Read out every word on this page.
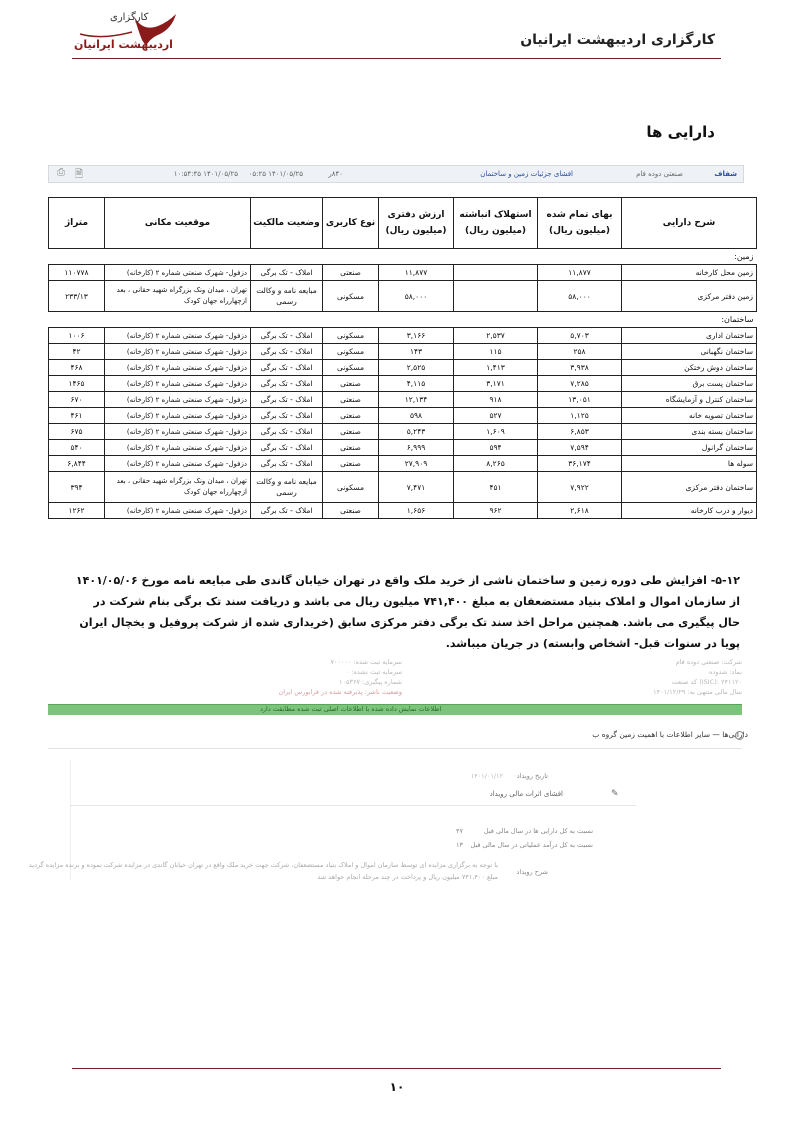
کارگزاری
اردیبهشت ایرانیان	کارگزاری اردیبهشت ایرانیان
دارایی ها
شفاف
صنعتی دوده فام
افشای جزئیات زمین و ساختمان
۸۴۰ر
۱۴۰۱/۰۵/۲۵ ۰۵:۲۵
۱۴۰۱/۰۵/۲۵ ۱۰:۵۴:۴۵
🗎
⎙
شرح دارایی	بهای تمام شده (میلیون ریال)	استهلاک انباشته (میلیون ریال)	ارزش دفتری (میلیون ریال)	نوع کاربری	وضعیت مالکیت	موقعیت مکانی	متراژ
زمین:							
زمین محل کارخانه	۱۱,۸۷۷		۱۱,۸۷۷	صنعتی	املاک - تک برگی	دزفول- شهرک صنعتی شماره ۲ (کارخانه)	۱۱۰۷۷۸
زمین دفتر مرکزی	۵۸,۰۰۰		۵۸,۰۰۰	مسکونی	مبایعه نامه و وکالت رسمی	تهران ، میدان ونک بزرگراه شهید حقانی ، بعد ازچهارراه جهان کودک	۲۳۳/۱۳
ساختمان:							
ساختمان اداری	۵,۷۰۳	۲,۵۳۷	۳,۱۶۶	مسکونی	املاک - تک برگی	دزفول- شهرک صنعتی شماره ۲ (کارخانه)	۱۰۰۶
ساختمان نگهبانی	۲۵۸	۱۱۵	۱۴۳	مسکونی	املاک - تک برگی	دزفول- شهرک صنعتی شماره ۲ (کارخانه)	۴۲
ساختمان دوش رختکن	۳,۹۳۸	۱,۴۱۳	۲,۵۲۵	مسکونی	املاک - تک برگی	دزفول- شهرک صنعتی شماره ۲ (کارخانه)	۴۶۸
ساختمان پست برق	۷,۲۸۵	۳,۱۷۱	۴,۱۱۵	صنعتی	املاک - تک برگی	دزفول- شهرک صنعتی شماره ۲ (کارخانه)	۱۴۶۵
ساختمان کنترل و آزمایشگاه	۱۳,۰۵۱	۹۱۸	۱۲,۱۳۴	صنعتی	املاک - تک برگی	دزفول- شهرک صنعتی شماره ۲ (کارخانه)	۶۷۰
ساختمان تصویه خانه	۱,۱۲۵	۵۲۷	۵۹۸	صنعتی	املاک - تک برگی	دزفول- شهرک صنعتی شماره ۲ (کارخانه)	۴۶۱
ساختمان بسته بندی	۶,۸۵۳	۱,۶۰۹	۵,۲۴۳	صنعتی	املاک - تک برگی	دزفول- شهرک صنعتی شماره ۲ (کارخانه)	۶۷۵
ساختمان گرانول	۷,۵۹۴	۵۹۴	۶,۹۹۹	صنعتی	املاک - تک برگی	دزفول- شهرک صنعتی شماره ۲ (کارخانه)	۵۴۰
سوله ها	۳۶,۱۷۴	۸,۲۶۵	۲۷,۹۰۹	صنعتی	املاک - تک برگی	دزفول- شهرک صنعتی شماره ۲ (کارخانه)	۶,۸۴۴
ساختمان دفتر مرکزی	۷,۹۲۲	۴۵۱	۷,۴۷۱	مسکونی	مبایعه نامه و وکالت رسمی	تهران ، میدان ونک بزرگراه شهید حقانی ، بعد ازچهارراه جهان کودک	۳۹۴
دیوار و درب کارخانه	۲,۶۱۸	۹۶۲	۱,۶۵۶	صنعتی	املاک - تک برگی	دزفول- شهرک صنعتی شماره ۲ (کارخانه)	۱۲۶۲
۵-۱۲- افزایش طی دوره زمین و ساختمان ناشی از خرید ملک واقع در تهران خیابان گاندی طی مبایعه نامه مورخ ۱۴۰۱/۰۵/۰۶ از سازمان اموال و املاک بنیاد مستضعفان به مبلغ ۷۴۱,۴۰۰ میلیون ریال می باشد و دریافت سند تک برگی بنام شرکت در حال پیگیری می باشد. همچنین مراحل اخذ سند تک برگی دفتر مرکزی سابق (خریداری شده از شرکت پروفیل و یخچال ایران پویا در سنوات قبل- اشخاص وابسته) در جریان میباشد.
شرکت: صنعتی دوده فام
نماد: شدوده
کد صنعت (ISIC): ۲۴۱۱۲۰
سال مالی منتهی به: ۱۴۰۱/۱۲/۲۹
سرمایه ثبت شده: ۷۰۰۰۰۰
سرمایه ثبت نشده: ۰
شماره پیگیری: ۱۰۵۳۶۷
وضعیت ناشر: پذیرفته شده در فرابورس ایران
اطلاعات نمایش داده شده با اطلاعات اصلی ثبت شده مطابقت دارد
دارایی‌ها — سایر اطلاعات با اهمیت زمین گروه ب
تاریخ رویداد
۱۴۰۱/۰۱/۱۲
افشای اثرات مالی رویداد	✎
نسبت به کل دارایی ها در سال مالی قبل
۴۷
نسبت به کل درآمد عملیاتی در سال مالی قبل
۱۳
شرح رویداد
با توجه به برگزاری مزایده ای توسط سازمان اموال و املاک بنیاد مستضعفان، شرکت جهت خرید ملک واقع در تهران خیابان گاندی در مزایده شرکت نموده و برنده مزایده گردید
مبلغ ۷۴۱,۴۰۰ میلیون ریال و پرداخت در چند مرحله انجام خواهد شد
۱۰
